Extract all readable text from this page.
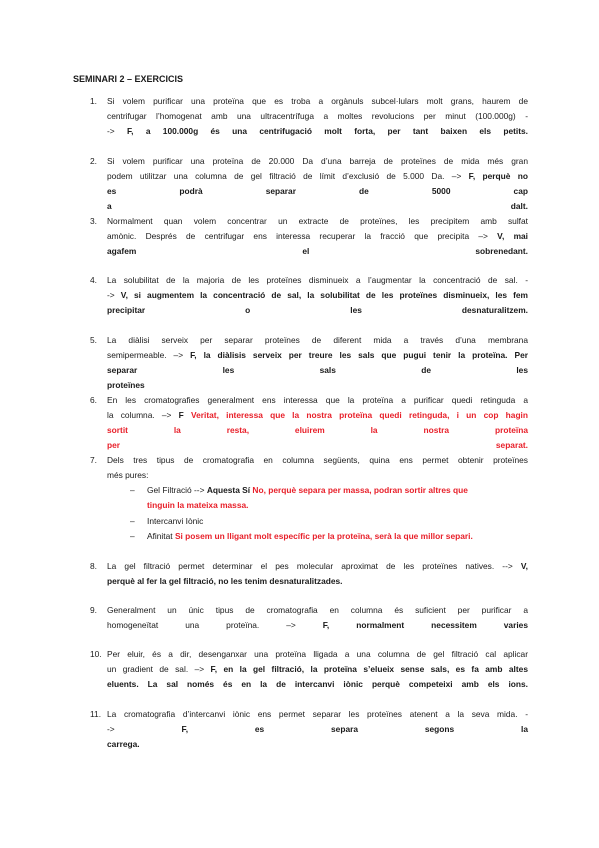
SEMINARI 2 – EXERCICIS
1. Si volem purificar una proteïna que es troba a orgànuls subcel·lulars molt grans, haurem de
centrifugar l’homogenat amb una ultracentrífuga a moltes revolucions per minut (100.000g) -
-> F, a 100.000g és una centrifugació molt forta, per tant baixen els petits.
2. Si volem purificar una proteïna de 20.000 Da d’una barreja de proteïnes de mida més gran
podem utilitzar una columna de gel filtració de límit d’exclusió de 5.000 Da. –> F, perquè no
es podrà separar de 5000 cap a dalt.
3. Normalment quan volem concentrar un extracte de proteïnes, les precipitem amb sulfat
amònic. Després de centrifugar ens interessa recuperar la fracció que precipita –> V, mai
agafem el sobrenedant.
4. La solubilitat de la majoria de les proteïnes disminueix a l’augmentar la concentració de sal. -
-> V, si augmentem la concentració de sal, la solubilitat de les proteïnes disminueix, les fem
precipitar o les desnaturalitzem.
5. La diàlisi serveix per separar proteïnes de diferent mida a través d’una membrana
semipermeable. –> F, la diàlisis serveix per treure les sals que pugui tenir la proteïna. Per
separar les sals de les proteïnes
6. En les cromatografies generalment ens interessa que la proteïna a purificar quedi retinguda a
la columna. –> F Veritat, interessa que la nostra proteïna quedi retinguda, i un cop hagin
sortit la resta, eluirem la nostra proteïna per separat.
7. Dels tres tipus de cromatografia en columna següents, quina ens permet obtenir proteïnes
més pures:
– Gel Filtració --> Aquesta Sí No, perquè separa per massa, podran sortir altres que
tinguin la mateixa massa.
– Intercanvi Iònic
– Afinitat Si posem un lligant molt específic per la proteïna, serà la que millor separi.
8. La gel filtració permet determinar el pes molecular aproximat de les proteïnes natives. --> V,
perquè al fer la gel filtració, no les tenim desnaturalitzades.
9. Generalment un únic tipus de cromatografia en columna és suficient per purificar a
homogeneïtat una proteïna. –> F, normalment necessitem varies
10. Per eluir, és a dir, desenganxar una proteïna lligada a una columna de gel filtració cal aplicar
un gradient de sal. –> F, en la gel filtració, la proteïna s’elueix sense sals, es fa amb altes
eluents. La sal només és en la de intercanvi iònic perquè competeixi amb els ions.
11. La cromatografia d’intercanvi iònic ens permet separar les proteïnes atenent a la seva mida. -
-> F, es separa segons la carrega.
